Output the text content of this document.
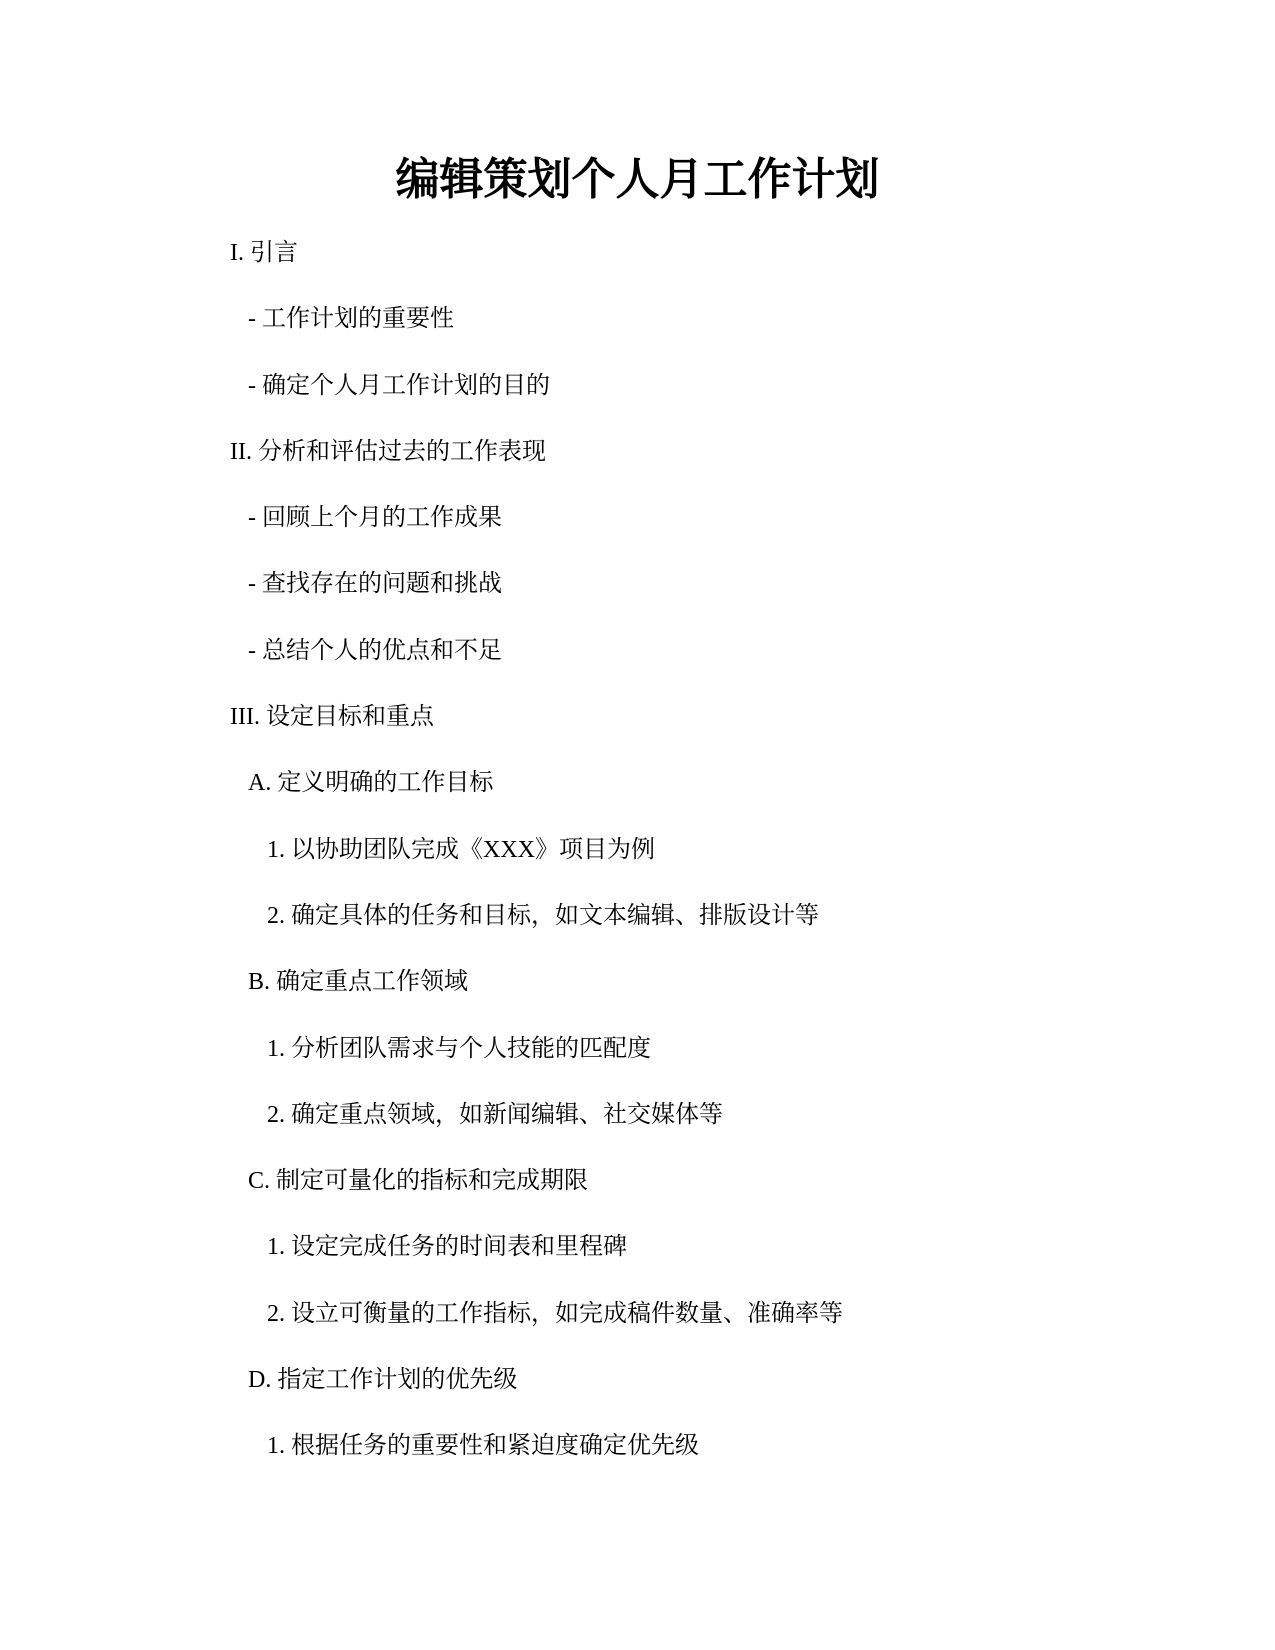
编辑策划个人月工作计划
I. 引言
- 工作计划的重要性
- 确定个人月工作计划的目的
II. 分析和评估过去的工作表现
- 回顾上个月的工作成果
- 查找存在的问题和挑战
- 总结个人的优点和不足
III. 设定目标和重点
A. 定义明确的工作目标
1. 以协助团队完成《XXX》项目为例
2. 确定具体的任务和目标，如文本编辑、排版设计等
B. 确定重点工作领域
1. 分析团队需求与个人技能的匹配度
2. 确定重点领域，如新闻编辑、社交媒体等
C. 制定可量化的指标和完成期限
1. 设定完成任务的时间表和里程碑
2. 设立可衡量的工作指标，如完成稿件数量、准确率等
D. 指定工作计划的优先级
1. 根据任务的重要性和紧迫度确定优先级
